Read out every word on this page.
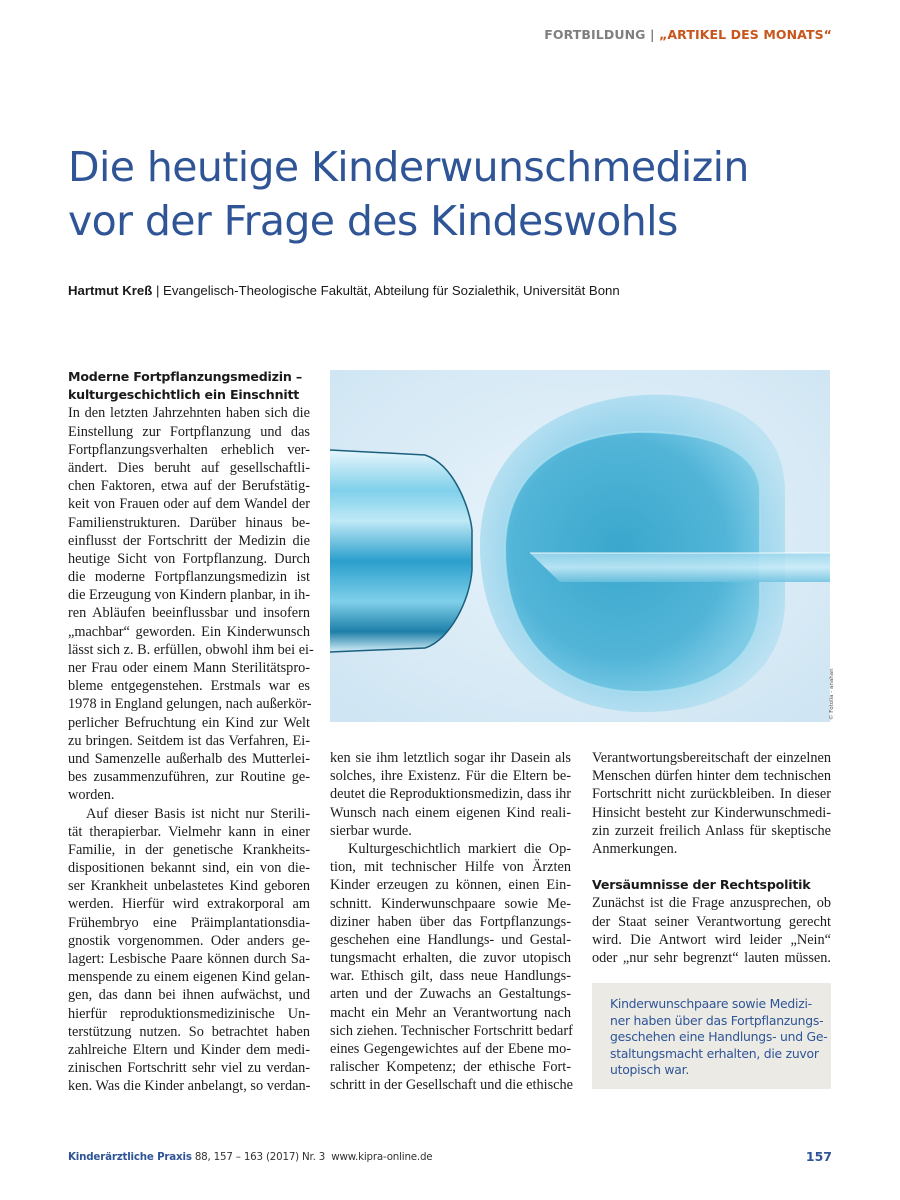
FORTBILDUNG | „ARTIKEL DES MONATS“
Die heutige Kinderwunschmedizin
vor der Frage des Kindeswohls
Hartmut Kreß | Evangelisch-Theologische Fakultät, Abteilung für Sozialethik, Universität Bonn
© Fotolia - anahan
Moderne Fortpflanzungsmedizin –
kulturgeschichtlich ein Einschnitt
In den letzten Jahrzehnten haben sich die
Einstellung zur Fortpflanzung und das
Fortpflanzungsverhalten erheblich ver-
ändert. Dies beruht auf gesellschaftli-
chen Faktoren, etwa auf der Berufstätig-
keit von Frauen oder auf dem Wandel der
Familienstrukturen. Darüber hinaus be-
einflusst der Fortschritt der Medizin die
heutige Sicht von Fortpflanzung. Durch
die moderne Fortpflanzungsmedizin ist
die Erzeugung von Kindern planbar, in ih-
ren Abläufen beeinflussbar und insofern
„machbar“ geworden. Ein Kinderwunsch
lässt sich z. B. erfüllen, obwohl ihm bei ei-
ner Frau oder einem Mann Sterilitätspro-
bleme entgegenstehen. Erstmals war es
1978 in England gelungen, nach außerkör-
perlicher Befruchtung ein Kind zur Welt
zu bringen. Seitdem ist das Verfahren, Ei-
und Samenzelle außerhalb des Mutterlei-
bes zusammenzuführen, zur Routine ge-
worden.
Auf dieser Basis ist nicht nur Sterili-
tät therapierbar. Vielmehr kann in einer
Familie, in der genetische Krankheits-
dispositionen bekannt sind, ein von die-
ser Krankheit unbelastetes Kind geboren
werden. Hierfür wird extrakorporal am
Frühembryo eine Präimplantationsdia-
gnostik vorgenommen. Oder anders ge-
lagert: Lesbische Paare können durch Sa-
menspende zu einem eigenen Kind gelan-
gen, das dann bei ihnen aufwächst, und
hierfür reproduktionsmedizinische Un-
terstützung nutzen. So betrachtet haben
zahlreiche Eltern und Kinder dem medi-
zinischen Fortschritt sehr viel zu verdan-
ken. Was die Kinder anbelangt, so verdan-
ken sie ihm letztlich sogar ihr Dasein als
solches, ihre Existenz. Für die Eltern be-
deutet die Reproduktionsmedizin, dass ihr
Wunsch nach einem eigenen Kind reali-
sierbar wurde.
Kulturgeschichtlich markiert die Op-
tion, mit technischer Hilfe von Ärzten
Kinder erzeugen zu können, einen Ein-
schnitt. Kinderwunschpaare sowie Me-
diziner haben über das Fortpflanzungs-
geschehen eine Handlungs- und Gestal-
tungsmacht erhalten, die zuvor utopisch
war. Ethisch gilt, dass neue Handlungs-
arten und der Zuwachs an Gestaltungs-
macht ein Mehr an Verantwortung nach
sich ziehen. Technischer Fortschritt bedarf
eines Gegengewichtes auf der Ebene mo-
ralischer Kompetenz; der ethische Fort-
schritt in der Gesellschaft und die ethische
Verantwortungsbereitschaft der einzelnen
Menschen dürfen hinter dem technischen
Fortschritt nicht zurückbleiben. In dieser
Hinsicht besteht zur Kinderwunschmedi-
zin zurzeit freilich Anlass für skeptische
Anmerkungen.
Versäumnisse der Rechtspolitik
Zunächst ist die Frage anzusprechen, ob
der Staat seiner Verantwortung gerecht
wird. Die Antwort wird leider „Nein“
oder „nur sehr begrenzt“ lauten müssen.
Kinderwunschpaare sowie Medizi-
ner haben über das Fortpflanzungs-
geschehen eine Handlungs- und Ge-
staltungsmacht erhalten, die zuvor
utopisch war.
Kinderärztliche Praxis 88, 157 – 163 (2017) Nr. 3  www.kipra-online.de	157
